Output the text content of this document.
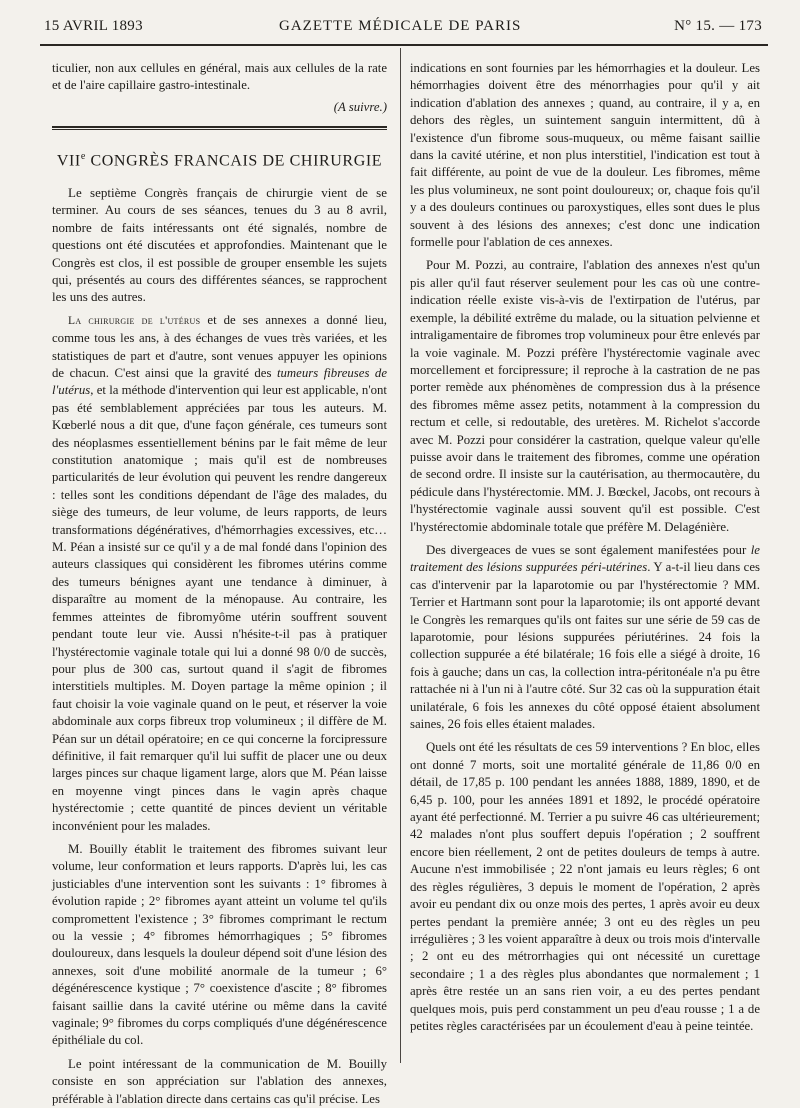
15 AVRIL 1893	GAZETTE MÉDICALE DE PARIS	N° 15. — 173

ticulier, non aux cellules en général, mais aux cellules de la rate et de l'aire capillaire gastro-intestinale.

(A suivre.)

VIIe CONGRÈS FRANCAIS DE CHIRURGIE

Le septième Congrès français de chirurgie vient de se terminer. Au cours de ses séances, tenues du 3 au 8 avril, nombre de faits intéressants ont été signalés, nombre de questions ont été discutées et approfondies. Maintenant que le Congrès est clos, il est possible de grouper ensemble les sujets qui, présentés au cours des différentes séances, se rapprochent les uns des autres.

La chirurgie de l'utérus et de ses annexes a donné lieu, comme tous les ans, à des échanges de vues très variées, et les statistiques de part et d'autre, sont venues appuyer les opinions de chacun. C'est ainsi que la gravité des tumeurs fibreuses de l'utérus, et la méthode d'intervention qui leur est applicable, n'ont pas été semblablement appréciées par tous les auteurs. M. Kœberlé nous a dit que, d'une façon générale, ces tumeurs sont des néoplasmes essentiellement bénins par le fait même de leur constitution anatomique ; mais qu'il est de nombreuses particularités de leur évolution qui peuvent les rendre dangereux : telles sont les conditions dépendant de l'âge des malades, du siège des tumeurs, de leur volume, de leurs rapports, de leurs transformations dégénératives, d'hémorrhagies excessives, etc… M. Péan a insisté sur ce qu'il y a de mal fondé dans l'opinion des auteurs classiques qui considèrent les fibromes utérins comme des tumeurs bénignes ayant une tendance à diminuer, à disparaître au moment de la ménopause. Au contraire, les femmes atteintes de fibromyôme utérin souffrent souvent pendant toute leur vie. Aussi n'hésite-t-il pas à pratiquer l'hystérectomie vaginale totale qui lui a donné 98 0/0 de succès, pour plus de 300 cas, surtout quand il s'agit de fibromes interstitiels multiples. M. Doyen partage la même opinion ; il faut choisir la voie vaginale quand on le peut, et réserver la voie abdominale aux corps fibreux trop volumineux ; il diffère de M. Péan sur un détail opératoire; en ce qui concerne la forcipressure définitive, il fait remarquer qu'il lui suffit de placer une ou deux larges pinces sur chaque ligament large, alors que M. Péan laisse en moyenne vingt pinces dans le vagin après chaque hystérectomie ; cette quantité de pinces devient un véritable inconvénient pour les malades.

M. Bouilly établit le traitement des fibromes suivant leur volume, leur conformation et leurs rapports. D'après lui, les cas justiciables d'une intervention sont les suivants : 1° fibromes à évolution rapide ; 2° fibromes ayant atteint un volume tel qu'ils compromettent l'existence ; 3° fibromes comprimant le rectum ou la vessie ; 4° fibromes hémorrhagiques ; 5° fibromes douloureux, dans lesquels la douleur dépend soit d'une lésion des annexes, soit d'une mobilité anormale de la tumeur ; 6° dégénérescence kystique ; 7° coexistence d'ascite ; 8° fibromes faisant saillie dans la cavité utérine ou même dans la cavité vaginale; 9° fibromes du corps compliqués d'une dégénérescence épithéliale du col.

Le point intéressant de la communication de M. Bouilly consiste en son appréciation sur l'ablation des annexes, préférable à l'ablation directe dans certains cas qu'il précise. Les

indications en sont fournies par les hémorrhagies et la douleur. Les hémorrhagies doivent être des ménorrhagies pour qu'il y ait indication d'ablation des annexes ; quand, au contraire, il y a, en dehors des règles, un suintement sanguin intermittent, dû à l'existence d'un fibrome sous-muqueux, ou même faisant saillie dans la cavité utérine, et non plus interstitiel, l'indication est tout à fait différente, au point de vue de la douleur. Les fibromes, même les plus volumineux, ne sont point douloureux; or, chaque fois qu'il y a des douleurs continues ou paroxystiques, elles sont dues le plus souvent à des lésions des annexes; c'est donc une indication formelle pour l'ablation de ces annexes.

Pour M. Pozzi, au contraire, l'ablation des annexes n'est qu'un pis aller qu'il faut réserver seulement pour les cas où une contre-indication réelle existe vis-à-vis de l'extirpation de l'utérus, par exemple, la débilité extrême du malade, ou la situation pelvienne et intraligamentaire de fibromes trop volumineux pour être enlevés par la voie vaginale. M. Pozzi préfère l'hystérectomie vaginale avec morcellement et forcipressure; il reproche à la castration de ne pas porter remède aux phénomènes de compression dus à la présence des fibromes même assez petits, notamment à la compression du rectum et celle, si redoutable, des uretères. M. Richelot s'accorde avec M. Pozzi pour considérer la castration, quelque valeur qu'elle puisse avoir dans le traitement des fibromes, comme une opération de second ordre. Il insiste sur la cautérisation, au thermocautère, du pédicule dans l'hystérectomie. MM. J. Bœckel, Jacobs, ont recours à l'hystérectomie vaginale aussi souvent qu'il est possible. C'est l'hystérectomie abdominale totale que préfère M. Delagénière.

Des divergeaces de vues se sont également manifestées pour le traitement des lésions suppurées péri-utérines. Y a-t-il lieu dans ces cas d'intervenir par la laparotomie ou par l'hystérectomie ? MM. Terrier et Hartmann sont pour la laparotomie; ils ont apporté devant le Congrès les remarques qu'ils ont faites sur une série de 59 cas de laparotomie, pour lésions suppurées périutérines. 24 fois la collection suppurée a été bilatérale; 16 fois elle a siégé à droite, 16 fois à gauche; dans un cas, la collection intra-péritonéale n'a pu être rattachée ni à l'un ni à l'autre côté. Sur 32 cas où la suppuration était unilatérale, 6 fois les annexes du côté opposé étaient absolument saines, 26 fois elles étaient malades.

Quels ont été les résultats de ces 59 interventions ? En bloc, elles ont donné 7 morts, soit une mortalité générale de 11,86 0/0 en détail, de 17,85 p. 100 pendant les années 1888, 1889, 1890, et de 6,45 p. 100, pour les années 1891 et 1892, le procédé opératoire ayant été perfectionné. M. Terrier a pu suivre 46 cas ultérieurement; 42 malades n'ont plus souffert depuis l'opération ; 2 souffrent encore bien réellement, 2 ont de petites douleurs de temps à autre. Aucune n'est immobilisée ; 22 n'ont jamais eu leurs règles; 6 ont des règles régulières, 3 depuis le moment de l'opération, 2 après avoir eu pendant dix ou onze mois des pertes, 1 après avoir eu deux pertes pendant la première année; 3 ont eu des règles un peu irrégulières ; 3 les voient apparaître à deux ou trois mois d'intervalle ; 2 ont eu des métrorrhagies qui ont nécessité un curettage secondaire ; 1 a des règles plus abondantes que normalement ; 1 après être restée un an sans rien voir, a eu des pertes pendant quelques mois, puis perd constamment un peu d'eau rousse ; 1 a de petites règles caractérisées par un écoulement d'eau à peine teintée.
